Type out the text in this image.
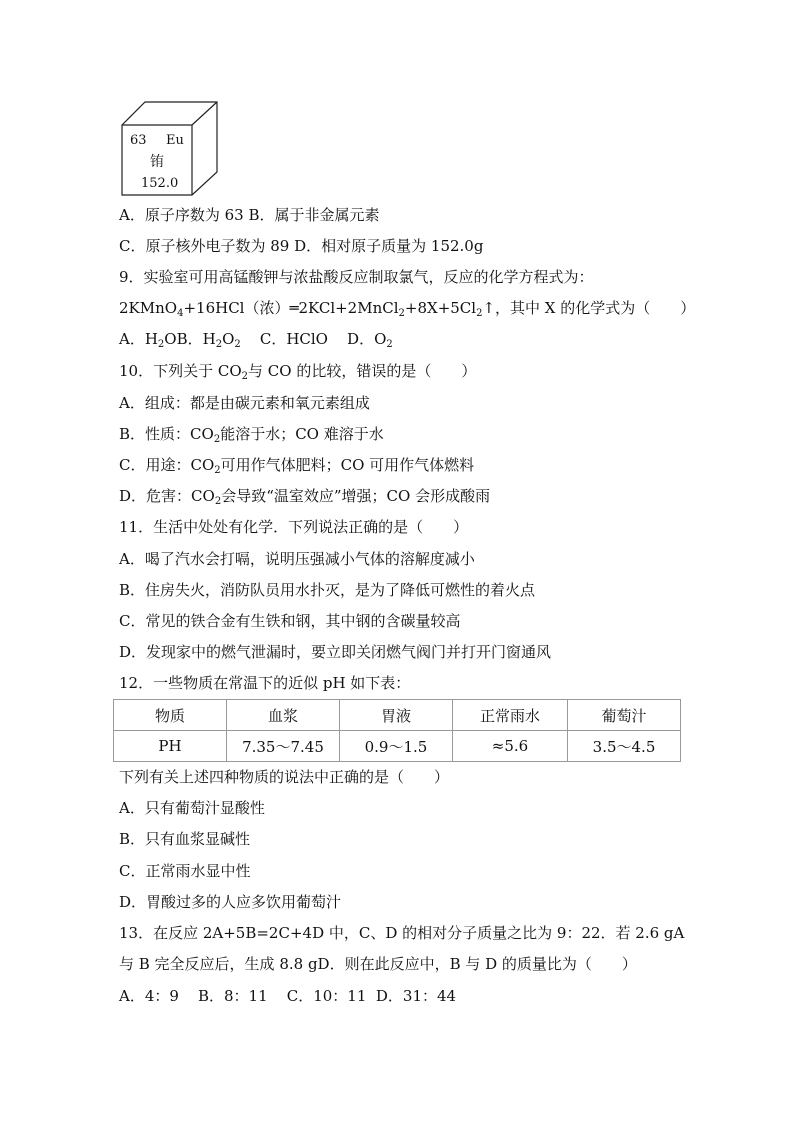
63 Eu
铕
152.0
A．原子序数为 63 B．属于非金属元素
C．原子核外电子数为 89 D．相对原子质量为 152.0g
9．实验室可用高锰酸钾与浓盐酸反应制取氯气，反应的化学方程式为：
2KMnO$_4$+16HCl（浓）$═2KCl+2MnCl_2+8X+5Cl_2↑$，其中 X 的化学式为（　　）
A．$H_2OB$．$H_2O_2$    C．HClO    D．$O_2$
10．下列关于 $CO_2$与 CO 的比较，错误的是（　　）
A．组成：都是由碳元素和氧元素组成
B．性质：$CO_2$能溶于水；CO 难溶于水
C．用途：$CO_2$可用作气体肥料；CO 可用作气体燃料
D．危害：$CO_2$会导致“温室效应”增强；CO 会形成酸雨
11．生活中处处有化学．下列说法正确的是（　　）
A．喝了汽水会打嗝，说明压强减小气体的溶解度减小
B．住房失火，消防队员用水扑灭，是为了降低可燃性的着火点
C．常见的铁合金有生铁和钢，其中钢的含碳量较高
D．发现家中的燃气泄漏时，要立即关闭燃气阀门并打开门窗通风
12．一些物质在常温下的近似 pH 如下表：
物质	血浆	胃液	正常雨水	葡萄汁
PH	7.35～7.45	0.9～1.5	≈5.6	3.5～4.5
下列有关上述四种物质的说法中正确的是（　　）
A．只有葡萄汁显酸性
B．只有血浆显碱性
C．正常雨水显中性
D．胃酸过多的人应多饮用葡萄汁
13．在反应 2A+5B=2C+4D 中，C、D 的相对分子质量之比为 9：22．若 2.6 gA
与 B 完全反应后，生成 8.8 gD．则在此反应中，B 与 D 的质量比为（　　）
A．4：9    B．8：11    C．10：11  D．31：44
